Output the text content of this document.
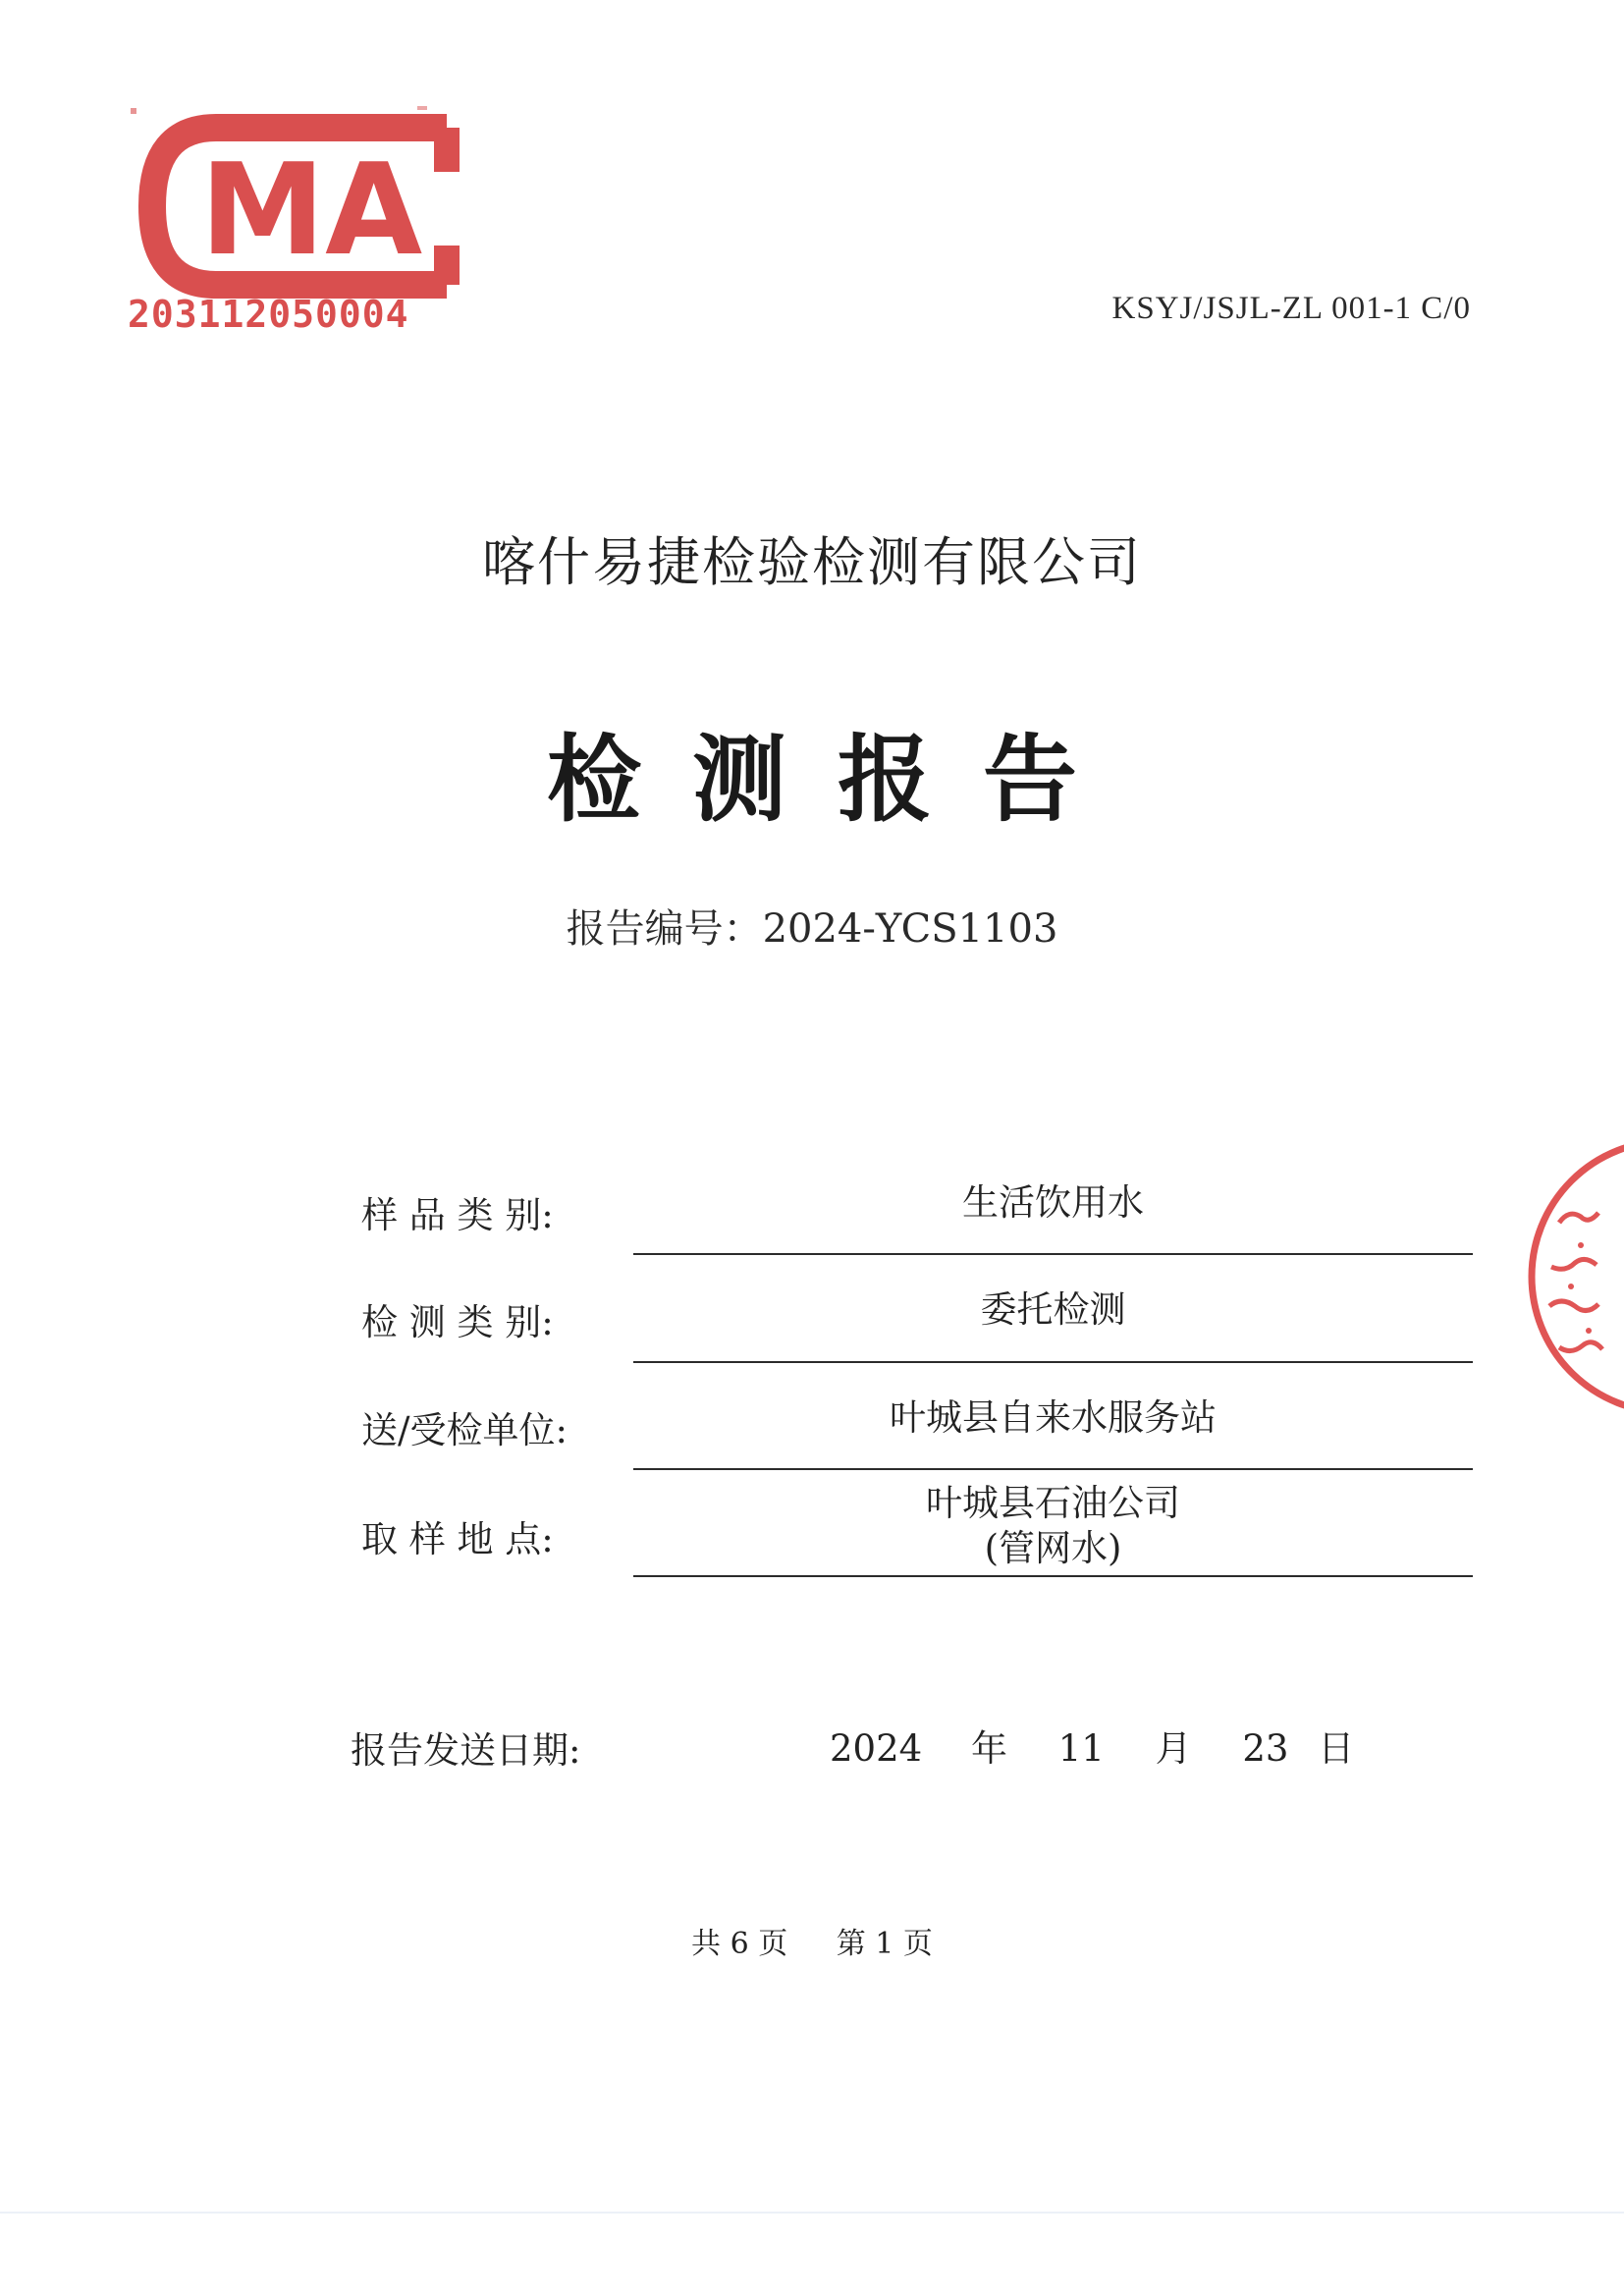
MA
203112050004	KSYJ/JSJL-ZL 001-1 C/0
喀什易捷检验检测有限公司
检测报告
报告编号：2024-YCS1103
样 品 类 别:	生活饮用水
检 测 类 别:	委托检测
送/受检单位:	叶城县自来水服务站
取 样 地 点:
叶城县石油公司
(管网水)
报告发送日期:	2024 年 11 月 23 日
共 6 页 第 1 页
